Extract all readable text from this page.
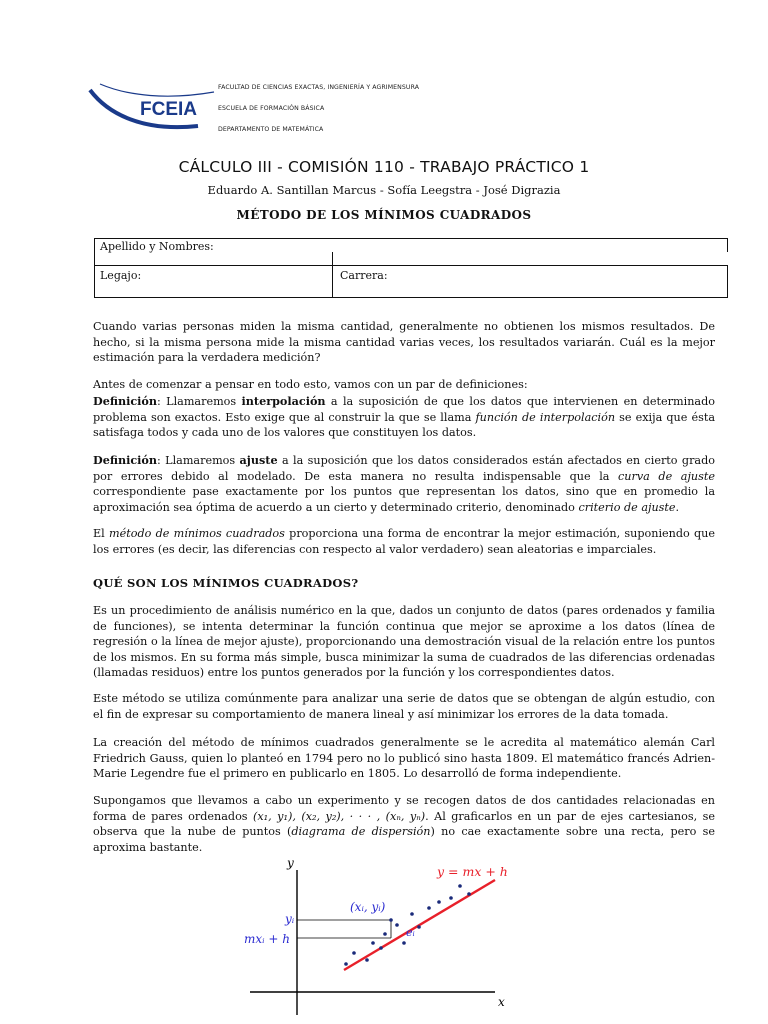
FCEIA
FACULTAD DE CIENCIAS EXACTAS, INGENIERÍA Y AGRIMENSURA
ESCUELA DE FORMACIÓN BÁSICA
DEPARTAMENTO DE MATEMÁTICA
CÁLCULO III - COMISIÓN 110 - TRABAJO PRÁCTICO 1
Eduardo A. Santillan Marcus - Sofía Leegstra - José Digrazia
MÉTODO DE LOS MÍNIMOS CUADRADOS
Apellido y Nombres:
Legajo:	Carrera:

Cuando varias personas miden la misma cantidad, generalmente no obtienen los mismos resultados. De hecho, si la misma persona mide la misma cantidad varias veces, los resultados variarán. Cuál es la mejor estimación para la verdadera medición?

Antes de comenzar a pensar en todo esto, vamos con un par de definiciones:

Definición: Llamaremos interpolación a la suposición de que los datos que intervienen en determinado problema son exactos. Esto exige que al construir la que se llama función de interpolación se exija que ésta satisfaga todos y cada uno de los valores que constituyen los datos.

Definición: Llamaremos ajuste a la suposición que los datos considerados están afectados en cierto grado por errores debido al modelado. De esta manera no resulta indispensable que la curva de ajuste correspondiente pase exactamente por los puntos que representan los datos, sino que en promedio la aproximación sea óptima de acuerdo a un cierto y determinado criterio, denominado criterio de ajuste.

El método de mínimos cuadrados proporciona una forma de encontrar la mejor estimación, suponiendo que los errores (es decir, las diferencias con respecto al valor verdadero) sean aleatorias e imparciales.

QUÉ SON LOS MÍNIMOS CUADRADOS?

Es un procedimiento de análisis numérico en la que, dados un conjunto de datos (pares ordenados y familia de funciones), se intenta determinar la función continua que mejor se aproxime a los datos (línea de regresión o la línea de mejor ajuste), proporcionando una demostración visual de la relación entre los puntos de los mismos. En su forma más simple, busca minimizar la suma de cuadrados de las diferencias ordenadas (llamadas residuos) entre los puntos generados por la función y los correspondientes datos.

Este método se utiliza comúnmente para analizar una serie de datos que se obtengan de algún estudio, con el fin de expresar su comportamiento de manera lineal y así minimizar los errores de la data tomada.

La creación del método de mínimos cuadrados generalmente se le acredita al matemático alemán Carl Friedrich Gauss, quien lo planteó en 1794 pero no lo publicó sino hasta 1809. El matemático francés Adrien-Marie Legendre fue el primero en publicarlo en 1805. Lo desarrolló de forma independiente.

Supongamos que llevamos a cabo un experimento y se recogen datos de dos cantidades relacionadas en forma de pares ordenados (x₁, y₁), (x₂, y₂), · · · , (xₙ, yₙ). Al graficarlos en un par de ejes cartesianos, se observa que la nube de puntos (diagrama de dispersión) no cae exactamente sobre una recta, pero se aproxima bastante.

y
x
y = mx + h
yᵢ
mxᵢ + h
(xᵢ, yᵢ)
eᵢ
